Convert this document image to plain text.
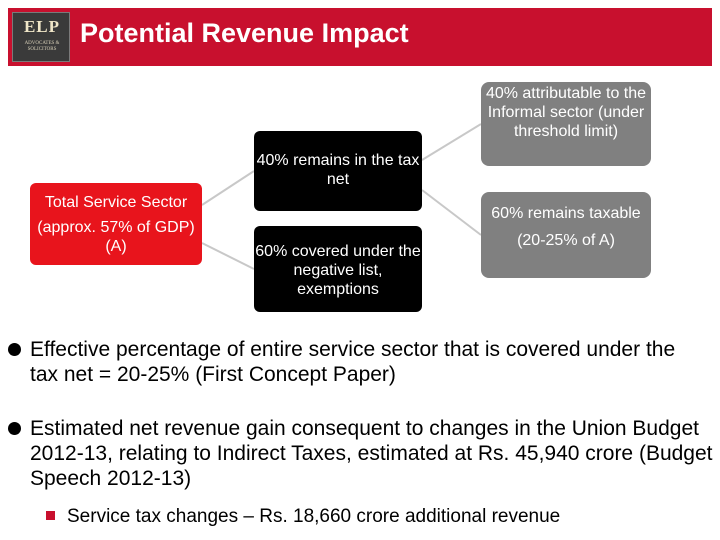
ELP
ADVOCATES & SOLICITORS
Potential Revenue Impact
Total Service Sector
(approx. 57% of GDP) (A)
40% remains in the tax net
60% covered under the negative list, exemptions
40% attributable to the Informal sector (under threshold limit)
60% remains taxable
(20-25% of A)
Effective percentage of entire service sector that is covered under the tax net = 20-25% (First Concept Paper)
Estimated net revenue gain consequent to changes in the Union Budget 2012-13, relating to Indirect Taxes, estimated at Rs. 45,940 crore (Budget Speech 2012-13)
Service tax changes – Rs. 18,660 crore additional revenue
